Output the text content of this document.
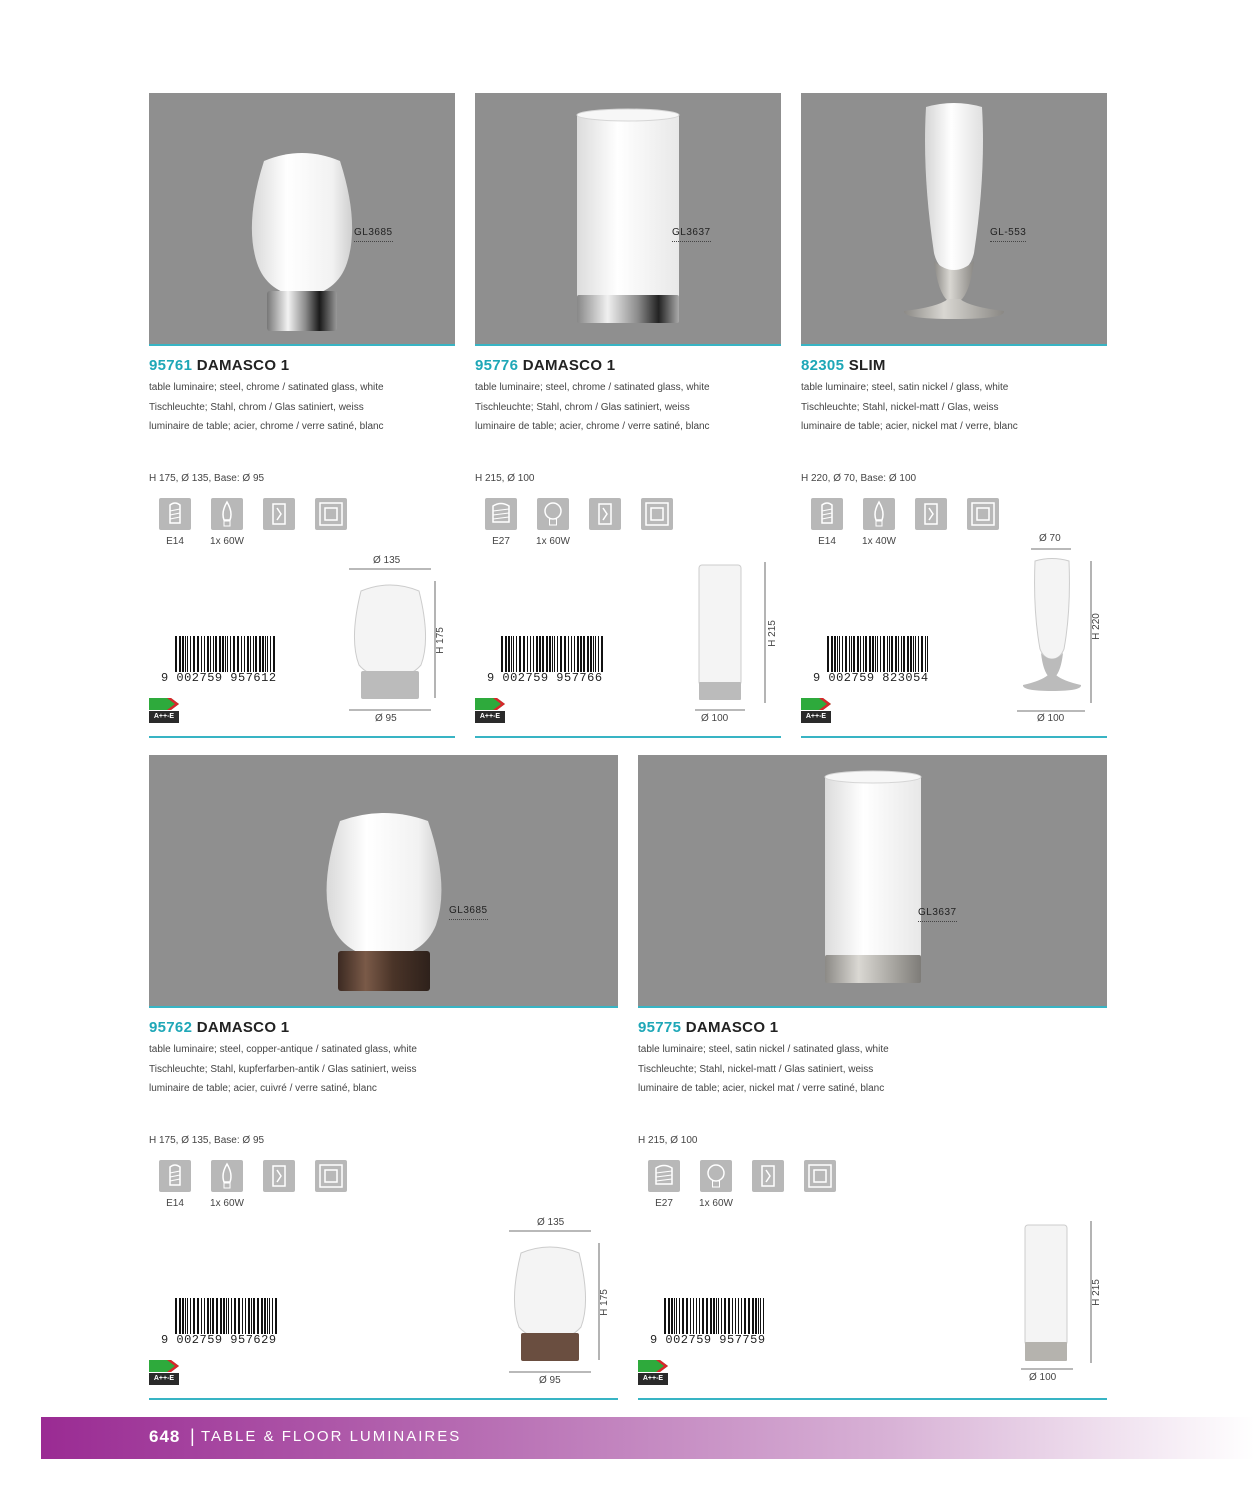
GL3685
95761 DAMASCO 1
table luminaire; steel, chrome / satinated glass, white
Tischleuchte; Stahl, chrom / Glas satiniert, weiss
luminaire de table; acier, chrome / verre satiné, blanc
H 175, Ø 135, Base: Ø 95
E14	1x 60W
9 002759 957612
A++-E
Ø 135
H 175
Ø 95
GL3637
95776 DAMASCO 1
table luminaire; steel, chrome / satinated glass, white
Tischleuchte; Stahl, chrom / Glas satiniert, weiss
luminaire de table; acier, chrome / verre satiné, blanc
H 215, Ø 100
E27	1x 60W
9 002759 957766
A++-E
H 215
Ø 100
GL-553
82305 SLIM
table luminaire; steel, satin nickel / glass, white
Tischleuchte; Stahl, nickel-matt / Glas, weiss
luminaire de table; acier, nickel mat / verre, blanc
H 220, Ø 70, Base: Ø 100
E14	1x 40W
9 002759 823054
A++-E
Ø 70
H 220
Ø 100
GL3685
95762 DAMASCO 1
table luminaire; steel, copper-antique / satinated glass, white
Tischleuchte; Stahl, kupferfarben-antik / Glas satiniert, weiss
luminaire de table; acier, cuivré / verre satiné, blanc
H 175, Ø 135, Base: Ø 95
E14	1x 60W
9 002759 957629
A++-E
Ø 135
H 175
Ø 95
GL3637
95775 DAMASCO 1
table luminaire; steel, satin nickel / satinated glass, white
Tischleuchte; Stahl, nickel-matt / Glas satiniert, weiss
luminaire de table; acier, nickel mat / verre satiné, blanc
H 215, Ø 100
E27	1x 60W
9 002759 957759
A++-E
H 215
Ø 100
648 | TABLE & FLOOR LUMINAIRES
